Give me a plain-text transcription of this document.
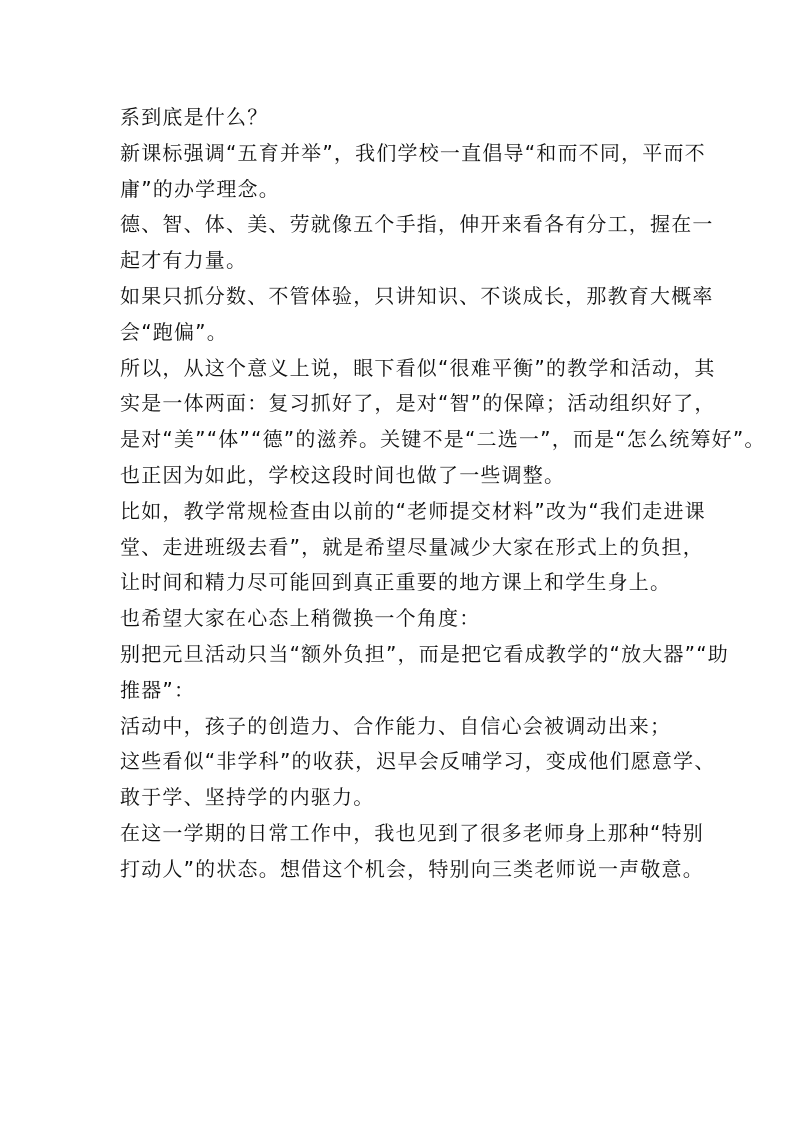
系到底是什么？

新课标强调“五育并举”，我们学校一直倡导“和而不同，平而不

庸”的办学理念。

德、智、体、美、劳就像五个手指，伸开来看各有分工，握在一

起才有力量。

如果只抓分数、不管体验，只讲知识、不谈成长，那教育大概率

会“跑偏”。

所以，从这个意义上说，眼下看似“很难平衡”的教学和活动，其

实是一体两面：复习抓好了，是对“智”的保障；活动组织好了，

是对“美”“体”“德”的滋养。关键不是“二选一”，而是“怎么统筹好”。

也正因为如此，学校这段时间也做了一些调整。

比如，教学常规检查由以前的“老师提交材料”改为“我们走进课

堂、走进班级去看”，就是希望尽量减少大家在形式上的负担，

让时间和精力尽可能回到真正重要的地方课上和学生身上。

也希望大家在心态上稍微换一个角度：

别把元旦活动只当“额外负担”，而是把它看成教学的“放大器”“助

推器”：

活动中，孩子的创造力、合作能力、自信心会被调动出来；

这些看似“非学科”的收获，迟早会反哺学习，变成他们愿意学、

敢于学、坚持学的内驱力。

在这一学期的日常工作中，我也见到了很多老师身上那种“特别

打动人”的状态。想借这个机会，特别向三类老师说一声敬意。
